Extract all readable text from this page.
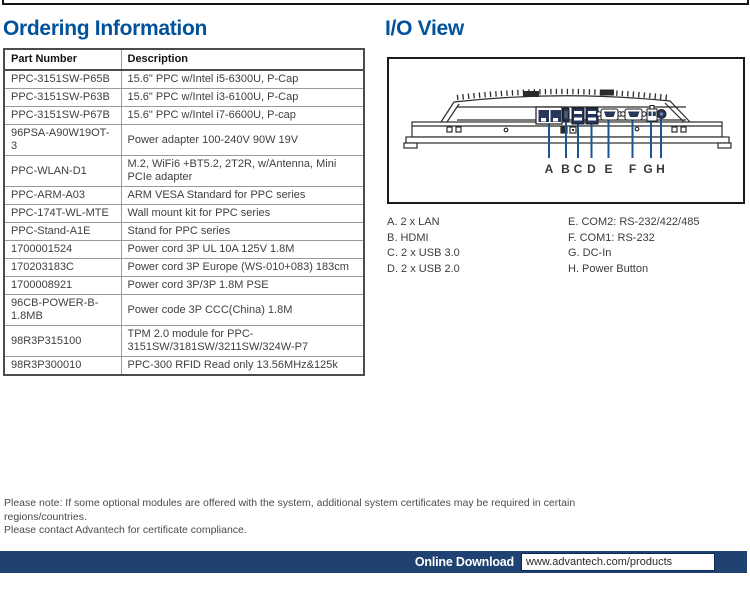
Ordering Information
Part Number	Description
PPC-3151SW-P65B	15.6" PPC w/Intel i5-6300U, P-Cap
PPC-3151SW-P63B	15.6" PPC w/Intel i3-6100U, P-Cap
PPC-3151SW-P67B	15.6" PPC w/Intel i7-6600U, P-cap
96PSA-A90W19OT-3	Power adapter 100-240V 90W 19V
PPC-WLAN-D1	M.2, WiFi6 +BT5.2, 2T2R, w/Antenna, Mini PCIe adapter
PPC-ARM-A03	ARM VESA Standard for PPC series
PPC-174T-WL-MTE	Wall mount kit for PPC series
PPC-Stand-A1E	Stand for PPC series
1700001524	Power cord 3P UL 10A 125V 1.8M
170203183C	Power cord 3P Europe (WS-010+083) 183cm
1700008921	Power cord 3P/3P 1.8M PSE
96CB-POWER-B-1.8MB	Power code 3P CCC(China) 1.8M
98R3P315100	TPM 2.0 module for PPC-3151SW/3181SW/3211SW/324W-P7
98R3P300010	PPC-300 RFID Read only 13.56MHz&125k
I/O View
A B C D E F G H
A. 2 x LAN
B. HDMI
C. 2 x USB 3.0
D. 2 x USB 2.0
E. COM2: RS-232/422/485
F. COM1: RS-232
G. DC-In
H. Power Button
Please note: If some optional modules are offered with the system, additional system certificates may be required in certain regions/countries.
Please contact Advantech for certificate compliance.
Online Download	www.advantech.com/products
